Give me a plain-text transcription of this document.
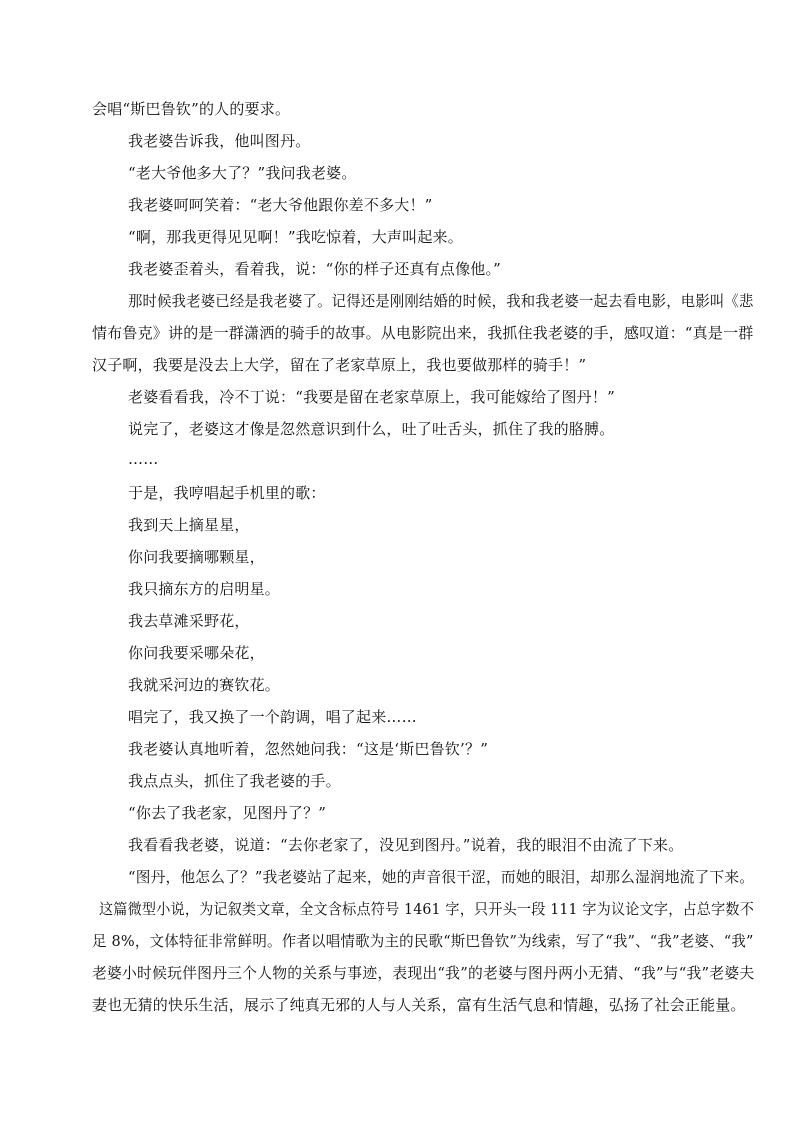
会唱“斯巴鲁钦”的人的要求。
我老婆告诉我，他叫图丹。
“老大爷他多大了？”我问我老婆。
我老婆呵呵笑着：“老大爷他跟你差不多大！”
“啊，那我更得见见啊！”我吃惊着，大声叫起来。
我老婆歪着头，看着我，说：“你的样子还真有点像他。”
那时候我老婆已经是我老婆了。记得还是刚刚结婚的时候，我和我老婆一起去看电影，电影叫《悲
情布鲁克》讲的是一群潇洒的骑手的故事。从电影院出来，我抓住我老婆的手，感叹道：“真是一群
汉子啊，我要是没去上大学，留在了老家草原上，我也要做那样的骑手！”
老婆看看我，冷不丁说：“我要是留在老家草原上，我可能嫁给了图丹！”
说完了，老婆这才像是忽然意识到什么，吐了吐舌头，抓住了我的胳膊。
……
于是，我哼唱起手机里的歌：
我到天上摘星星，
你问我要摘哪颗星，
我只摘东方的启明星。
我去草滩采野花，
你问我要采哪朵花，
我就采河边的赛钦花。
唱完了，我又换了一个韵调，唱了起来……
我老婆认真地听着，忽然她问我：“这是‘斯巴鲁钦’？”
我点点头，抓住了我老婆的手。
“你去了我老家，见图丹了？”
我看看我老婆，说道：“去你老家了，没见到图丹。”说着，我的眼泪不由流了下来。
“图丹，他怎么了？”我老婆站了起来，她的声音很干涩，而她的眼泪，却那么湿润地流了下来。
这篇微型小说，为记叙类文章，全文含标点符号 1461 字，只开头一段 111 字为议论文字，占总字数不
足 8%，文体特征非常鲜明。作者以唱情歌为主的民歌“斯巴鲁钦”为线索，写了“我”、“我”老婆、“我”
老婆小时候玩伴图丹三个人物的关系与事迹，表现出“我”的老婆与图丹两小无猜、“我”与“我”老婆夫
妻也无猜的快乐生活，展示了纯真无邪的人与人关系，富有生活气息和情趣，弘扬了社会正能量。
